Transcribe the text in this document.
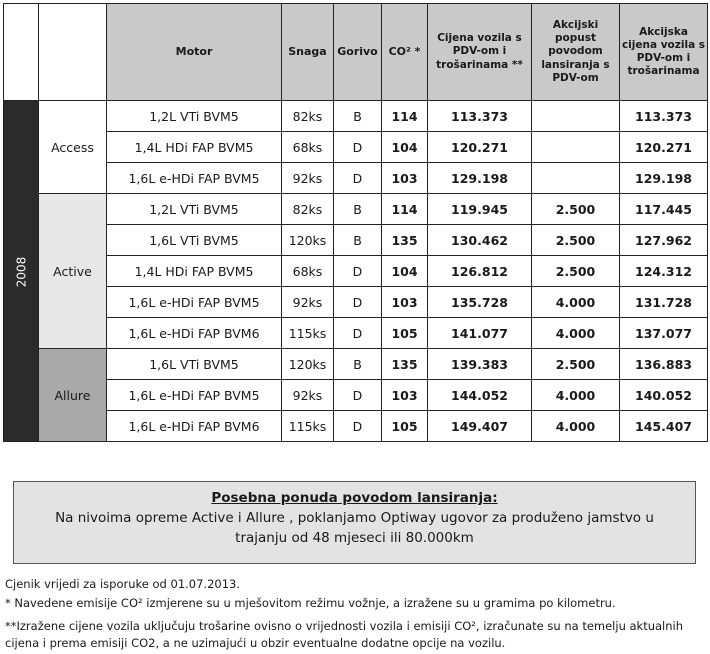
		Motor	Snaga	Gorivo	CO² *	Cijena vozila s PDV-om i trošarinama **	Akcijski popust povodom lansiranja s PDV-om	Akcijska cijena vozila s PDV-om i trošarinama
2008	Access	1,2L VTi BVM5	82ks	B	114	113.373		113.373
		1,4L HDi FAP BVM5	68ks	D	104	120.271		120.271
		1,6L e-HDi FAP BVM5	92ks	D	103	129.198		129.198
	Active	1,2L VTi BVM5	82ks	B	114	119.945	2.500	117.445
		1,6L VTi BVM5	120ks	B	135	130.462	2.500	127.962
		1,4L HDi FAP BVM5	68ks	D	104	126.812	2.500	124.312
		1,6L e-HDi FAP BVM5	92ks	D	103	135.728	4.000	131.728
		1,6L e-HDi FAP BVM6	115ks	D	105	141.077	4.000	137.077
	Allure	1,6L VTi BVM5	120ks	B	135	139.383	2.500	136.883
		1,6L e-HDi FAP BVM5	92ks	D	103	144.052	4.000	140.052
		1,6L e-HDi FAP BVM6	115ks	D	105	149.407	4.000	145.407
Posebna ponuda povodom lansiranja:
Na nivoima opreme Active i Allure , poklanjamo Optiway ugovor za produženo jamstvo u
trajanju od 48 mjeseci ili 80.000km

Cjenik vrijedi za isporuke od 01.07.2013.

* Navedene emisije CO² izmjerene su u mješovitom režimu vožnje, a izražene su u gramima po kilometru.

**Izražene cijene vozila uključuju trošarine ovisno o vrijednosti vozila i emisiji CO², izračunate su na temelju aktualnih cijena i prema emisiji CO2, a ne uzimajući u obzir eventualne dodatne opcije na vozilu.
